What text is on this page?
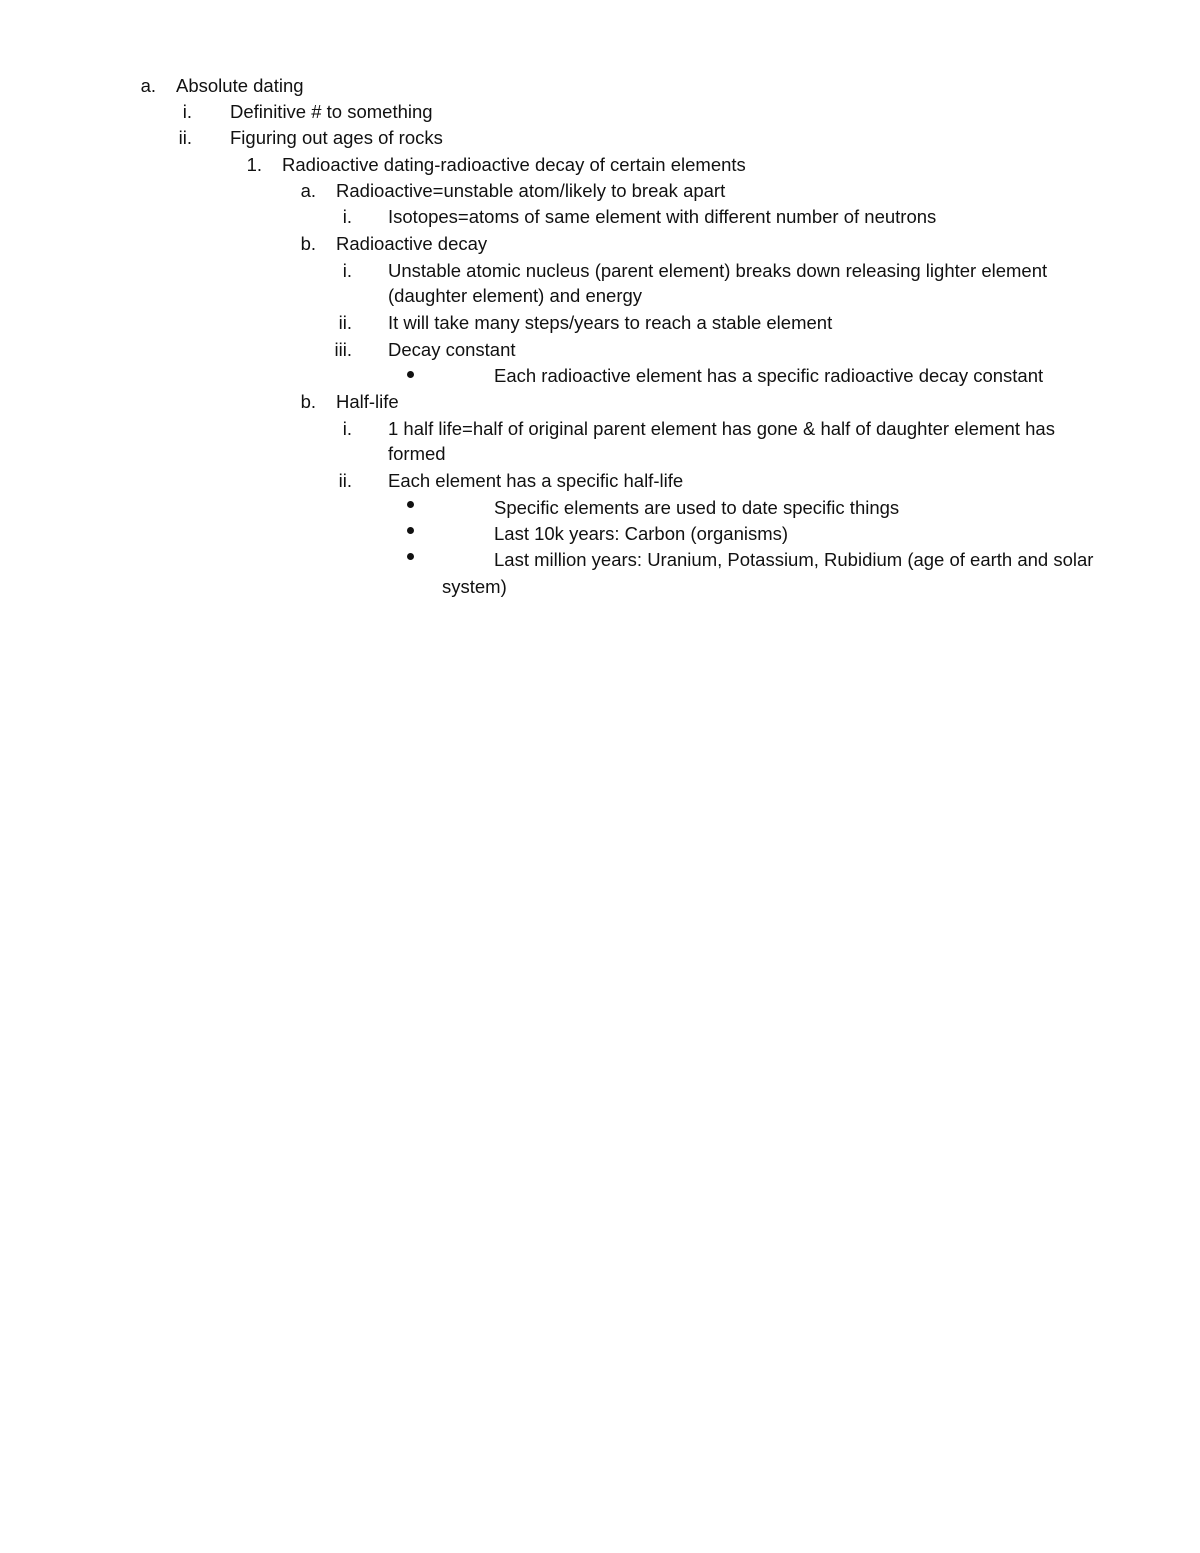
a. Absolute dating
i. Definitive # to something
ii. Figuring out ages of rocks
1. Radioactive dating-radioactive decay of certain elements
a. Radioactive=unstable atom/likely to break apart
i. Isotopes=atoms of same element with different number of neutrons
b. Radioactive decay
i. Unstable atomic nucleus (parent element) breaks down releasing lighter element
(daughter element) and energy
ii. It will take many steps/years to reach a stable element
iii. Decay constant
Each radioactive element has a specific radioactive decay constant
b. Half-life
i. 1 half life=half of original parent element has gone & half of daughter element has
formed
ii. Each element has a specific half-life
Specific elements are used to date specific things
Last 10k years: Carbon (organisms)
Last million years: Uranium, Potassium, Rubidium (age of earth and solar
system)
